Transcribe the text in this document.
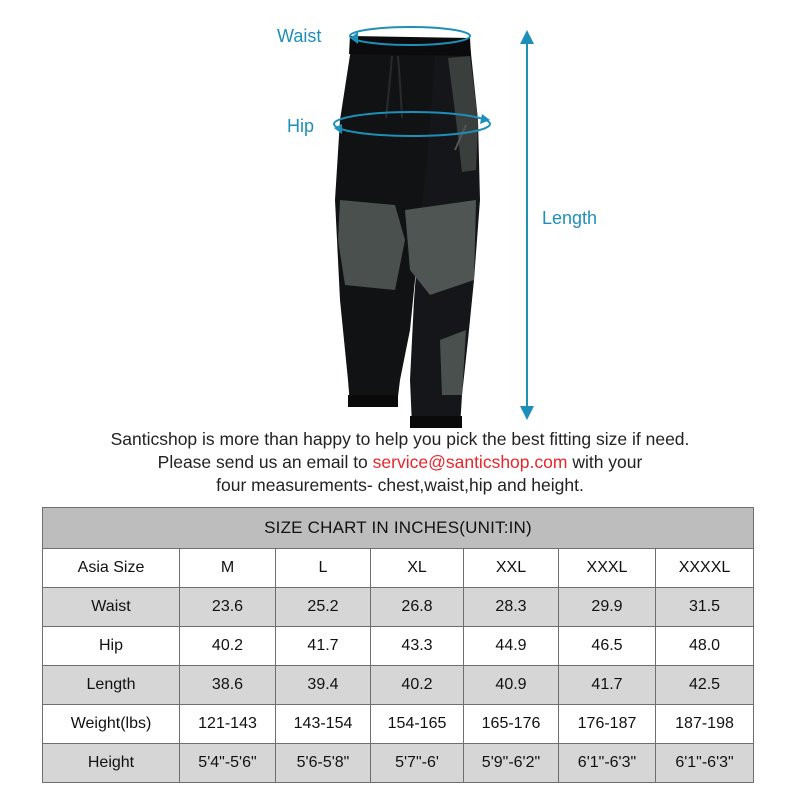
Waist
Hip
Length
Santicshop is more than happy to help you pick the best fitting size if need.
Please send us an email to service@santicshop.com with your
four measurements- chest,waist,hip and height.
SIZE CHART IN INCHES(UNIT:IN)						
Asia Size	M	L	XL	XXL	XXXL	XXXXL
Waist	23.6	25.2	26.8	28.3	29.9	31.5
Hip	40.2	41.7	43.3	44.9	46.5	48.0
Length	38.6	39.4	40.2	40.9	41.7	42.5
Weight(lbs)	121-143	143-154	154-165	165-176	176-187	187-198
Height	5'4"-5'6"	5'6-5'8"	5'7"-6'	5'9"-6'2"	6'1"-6'3"	6'1"-6'3"
